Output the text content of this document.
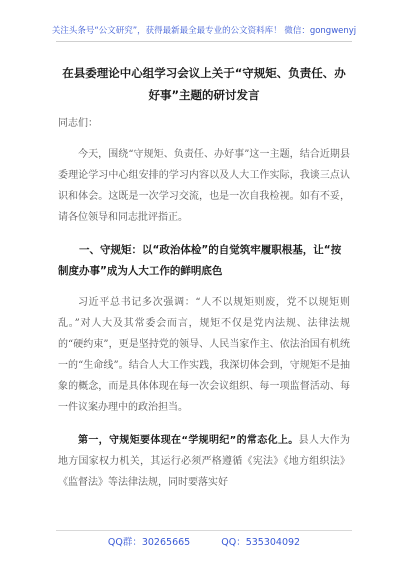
关注头条号“公文研究”，获得最新最全最专业的公文资料库！ 微信：gongwenyj
在县委理论中心组学习会议上关于“守规矩、负责任、办好事”主题的研讨发言
同志们：

今天，围绕“守规矩、负责任、办好事”这一主题，结合近期县委理论学习中心组安排的学习内容以及人大工作实际，我谈三点认识和体会。这既是一次学习交流，也是一次自我检视。如有不妥，请各位领导和同志批评指正。

一、守规矩：以“政治体检”的自觉筑牢履职根基，让“按制度办事”成为人大工作的鲜明底色

习近平总书记多次强调：“人不以规矩则废，党不以规矩则乱。”对人大及其常委会而言，规矩不仅是党内法规、法律法规的“硬约束”，更是坚持党的领导、人民当家作主、依法治国有机统一的“生命线”。结合人大工作实践，我深切体会到，守规矩不是抽象的概念，而是具体体现在每一次会议组织、每一项监督活动、每一件议案办理中的政治担当。

第一，守规矩要体现在“学规明纪”的常态化上。县人大作为地方国家权力机关，其运行必须严格遵循《宪法》《地方组织法》《监督法》等法律法规，同时要落实好

QQ群：30265665	QQ：535304092
